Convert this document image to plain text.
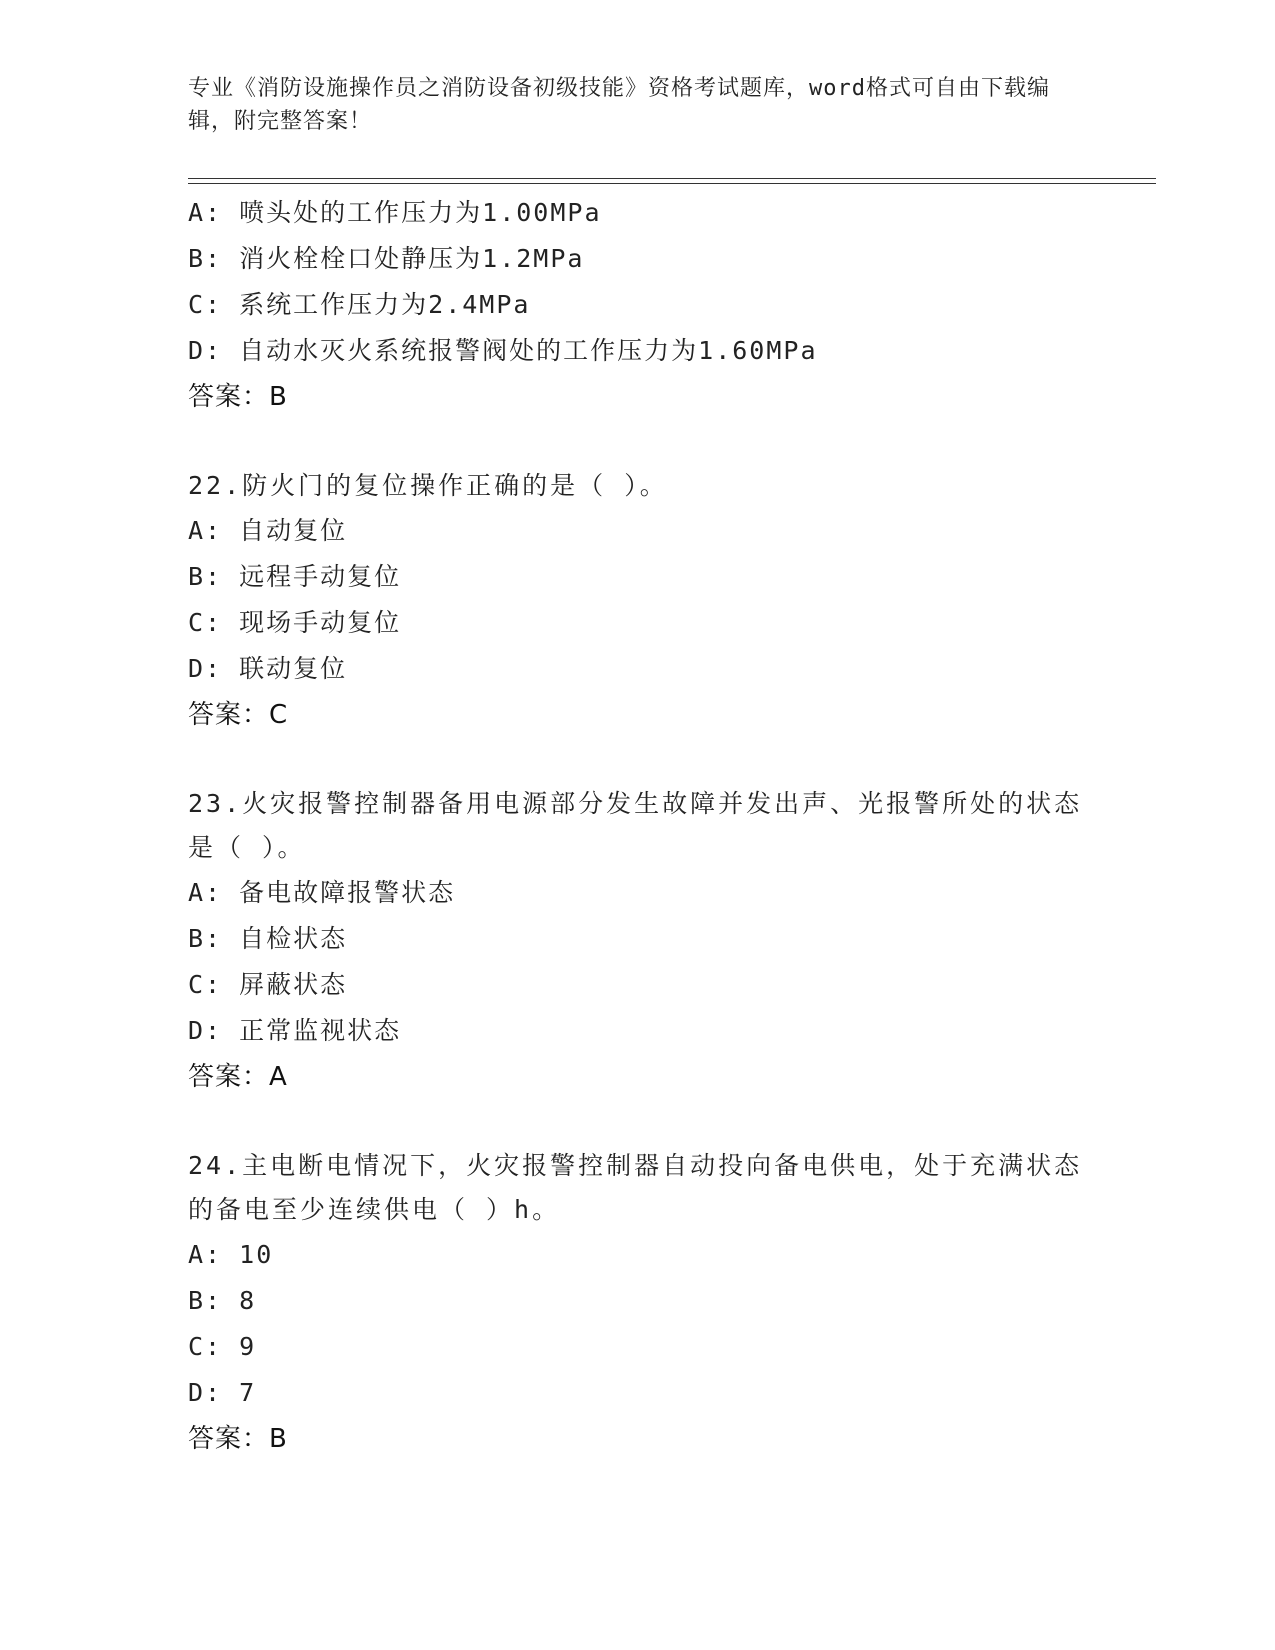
专业《消防设施操作员之消防设备初级技能》资格考试题库，word格式可自由下载编辑，附完整答案！
A: 喷头处的工作压力为1.00MPa
B: 消火栓栓口处静压为1.2MPa
C: 系统工作压力为2.4MPa
D: 自动水灭火系统报警阀处的工作压力为1.60MPa
答案：B
22.防火门的复位操作正确的是（ ）。
A: 自动复位
B: 远程手动复位
C: 现场手动复位
D: 联动复位
答案：C
23.火灾报警控制器备用电源部分发生故障并发出声、光报警所处的状态是（ ）。
A: 备电故障报警状态
B: 自检状态
C: 屏蔽状态
D: 正常监视状态
答案：A
24.主电断电情况下，火灾报警控制器自动投向备电供电，处于充满状态的备电至少连续供电（ ）h。
A: 10
B: 8
C: 9
D: 7
答案：B
